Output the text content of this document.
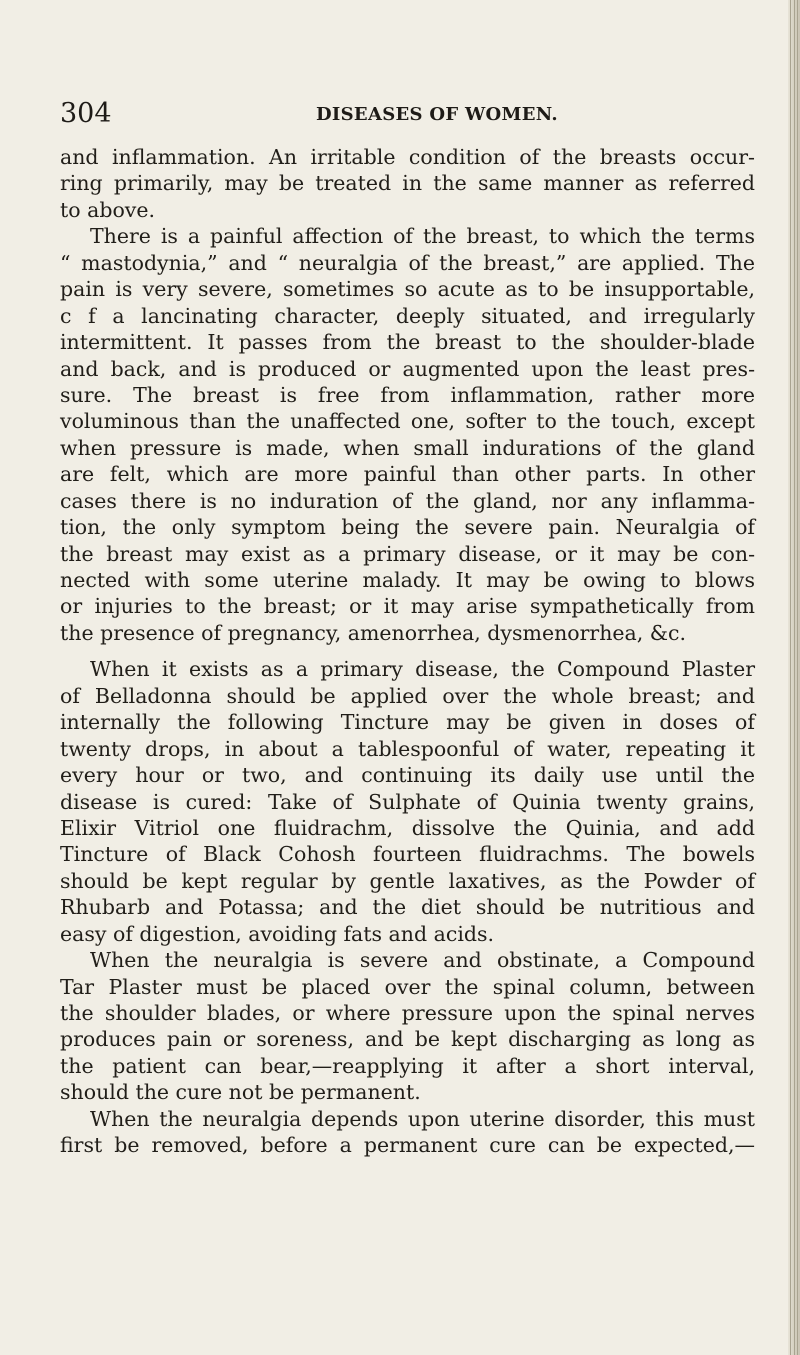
304	DISEASES OF WOMEN.
and inflammation. An irritable condition of the breasts occur-
ring primarily, may be treated in the same manner as referred
to above.
There is a painful affection of the breast, to which the terms
“ mastodynia,” and “ neuralgia of the breast,” are applied. The
pain is very severe, sometimes so acute as to be insupportable,
c f a lancinating character, deeply situated, and irregularly
intermittent. It passes from the breast to the shoulder-blade
and back, and is produced or augmented upon the least pres-
sure. The breast is free from inflammation, rather more
voluminous than the unaffected one, softer to the touch, except
when pressure is made, when small indurations of the gland
are felt, which are more painful than other parts. In other
cases there is no induration of the gland, nor any inflamma-
tion, the only symptom being the severe pain. Neuralgia of
the breast may exist as a primary disease, or it may be con-
nected with some uterine malady. It may be owing to blows
or injuries to the breast; or it may arise sympathetically from
the presence of pregnancy, amenorrhea, dysmenorrhea, &c.
When it exists as a primary disease, the Compound Plaster
of Belladonna should be applied over the whole breast; and
internally the following Tincture may be given in doses of
twenty drops, in about a tablespoonful of water, repeating it
every hour or two, and continuing its daily use until the
disease is cured: Take of Sulphate of Quinia twenty grains,
Elixir Vitriol one fluidrachm, dissolve the Quinia, and add
Tincture of Black Cohosh fourteen fluidrachms. The bowels
should be kept regular by gentle laxatives, as the Powder of
Rhubarb and Potassa; and the diet should be nutritious and
easy of digestion, avoiding fats and acids.
When the neuralgia is severe and obstinate, a Compound
Tar Plaster must be placed over the spinal column, between
the shoulder blades, or where pressure upon the spinal nerves
produces pain or soreness, and be kept discharging as long as
the patient can bear,—reapplying it after a short interval,
should the cure not be permanent.
When the neuralgia depends upon uterine disorder, this must
first be removed, before a permanent cure can be expected,—
